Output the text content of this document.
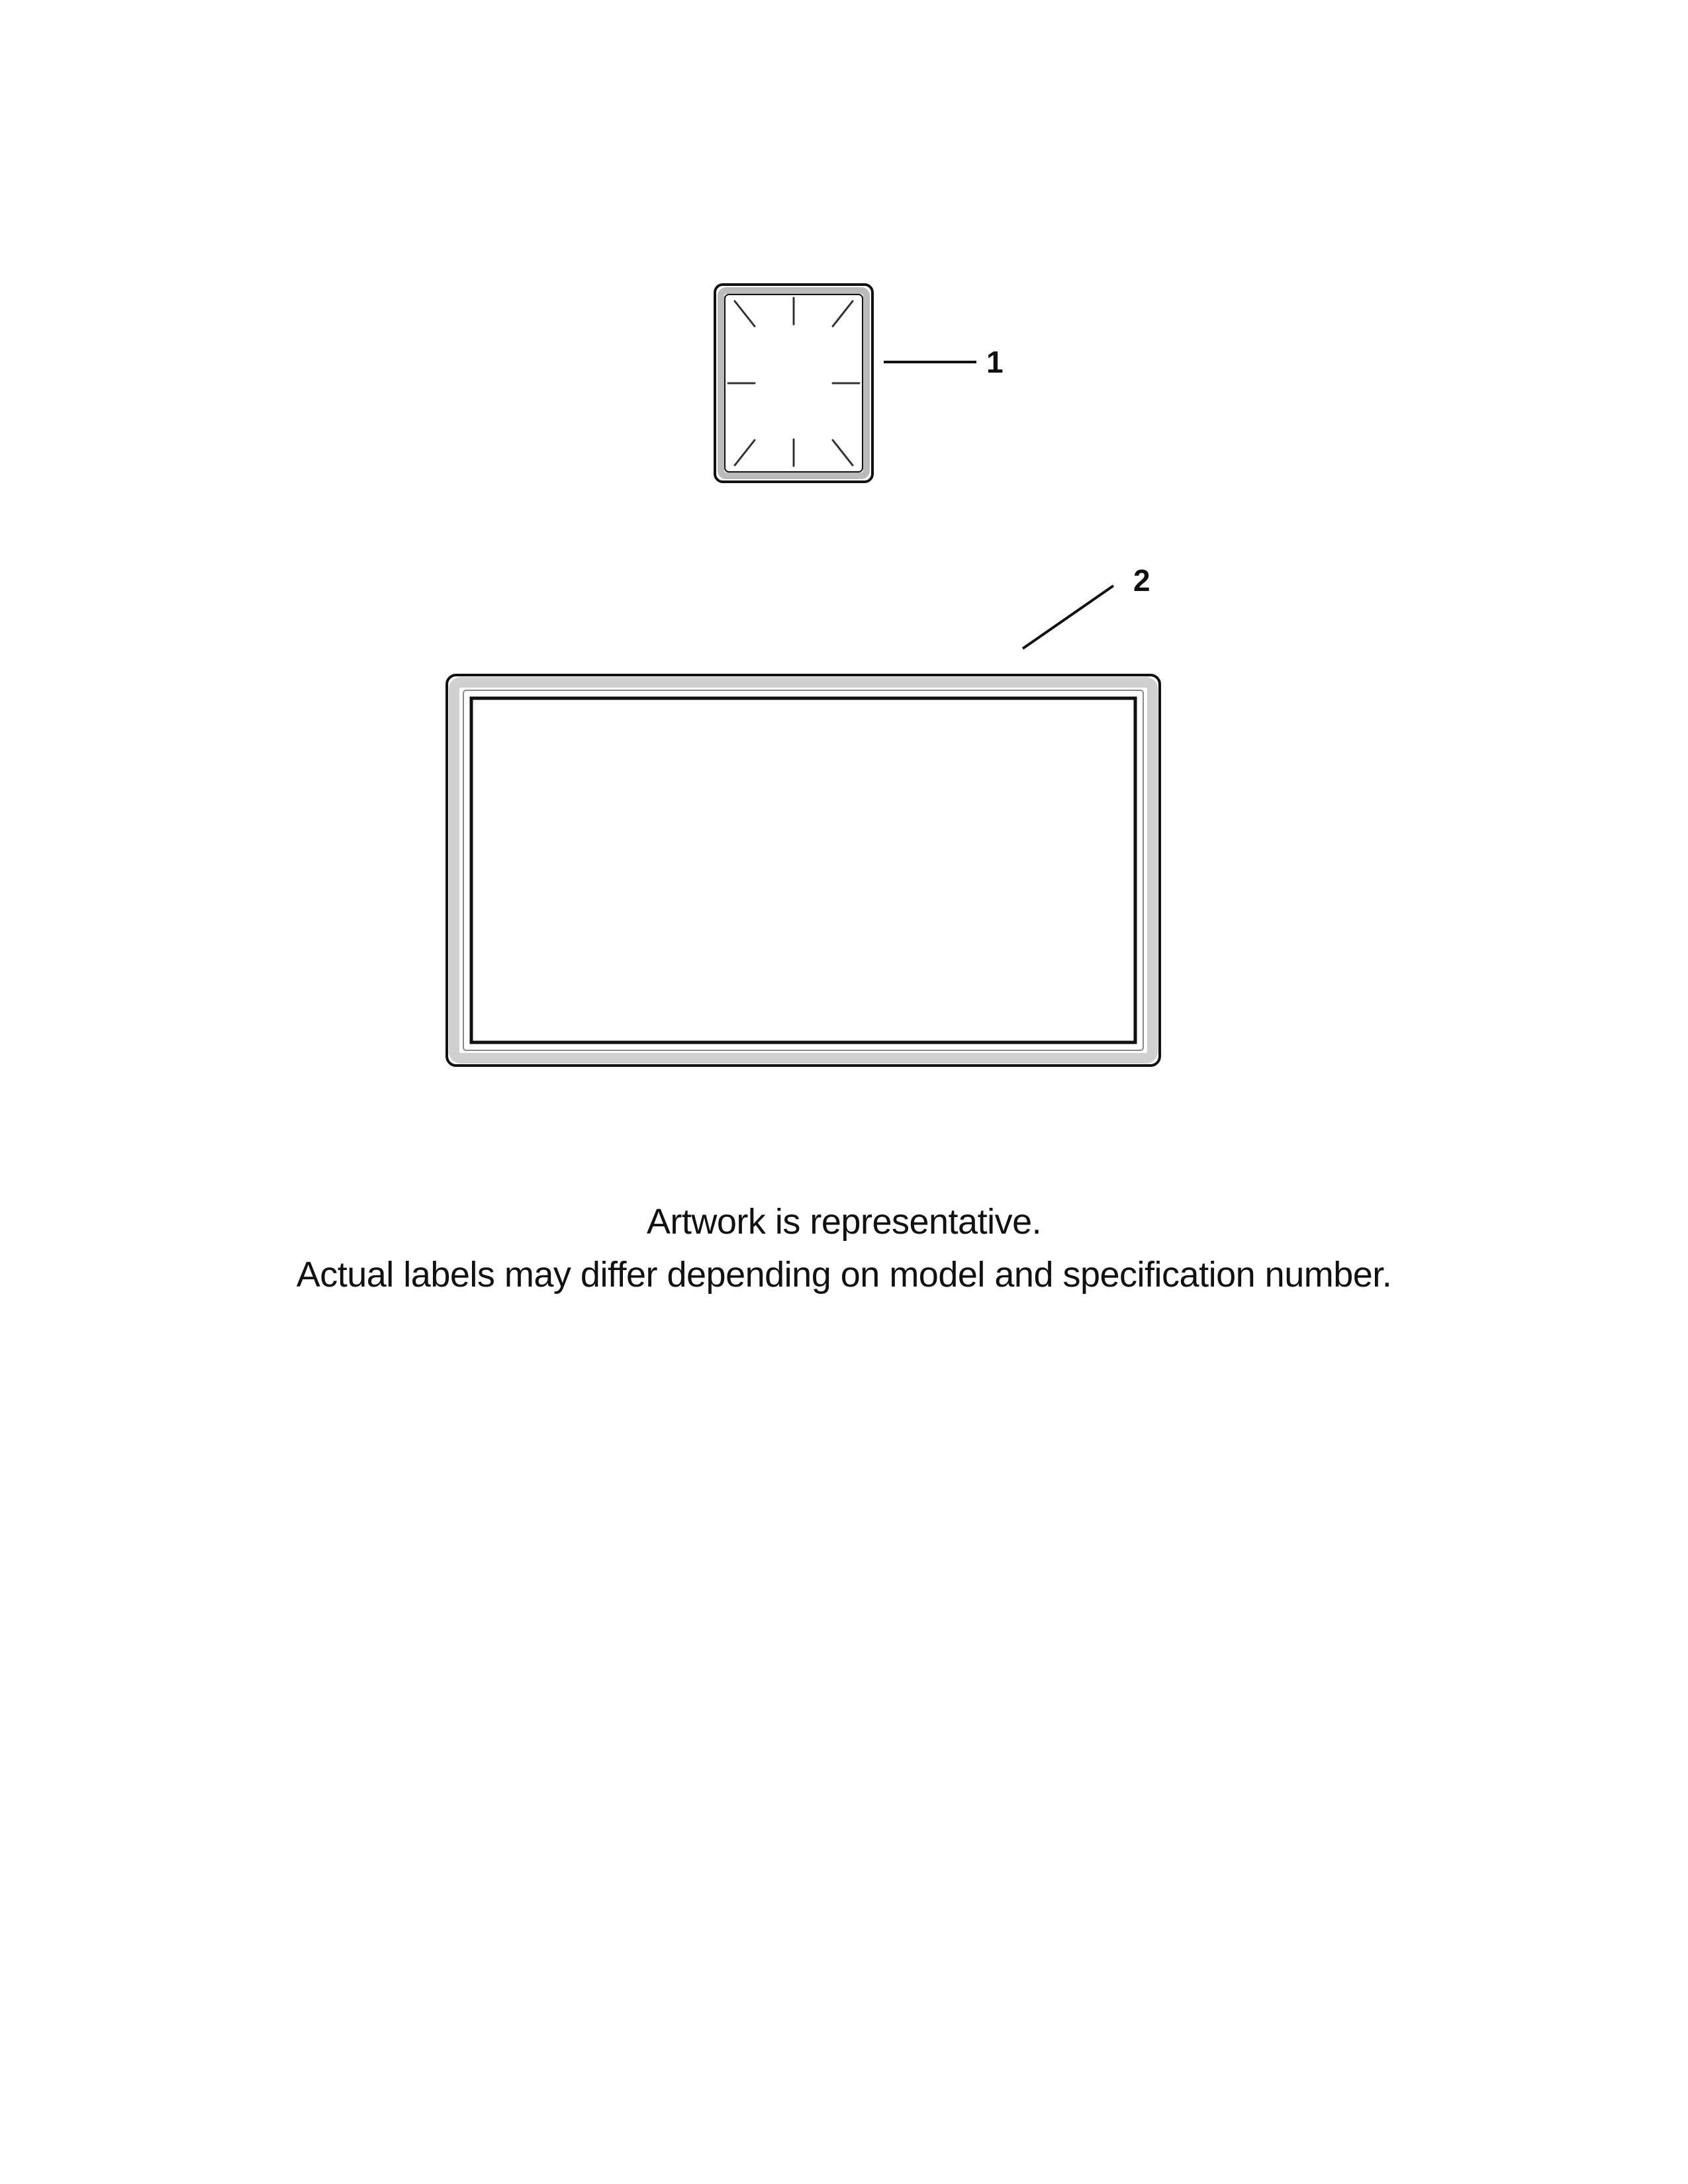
1
2
Artwork is representative.
Actual labels may differ depending on model and specification number.
